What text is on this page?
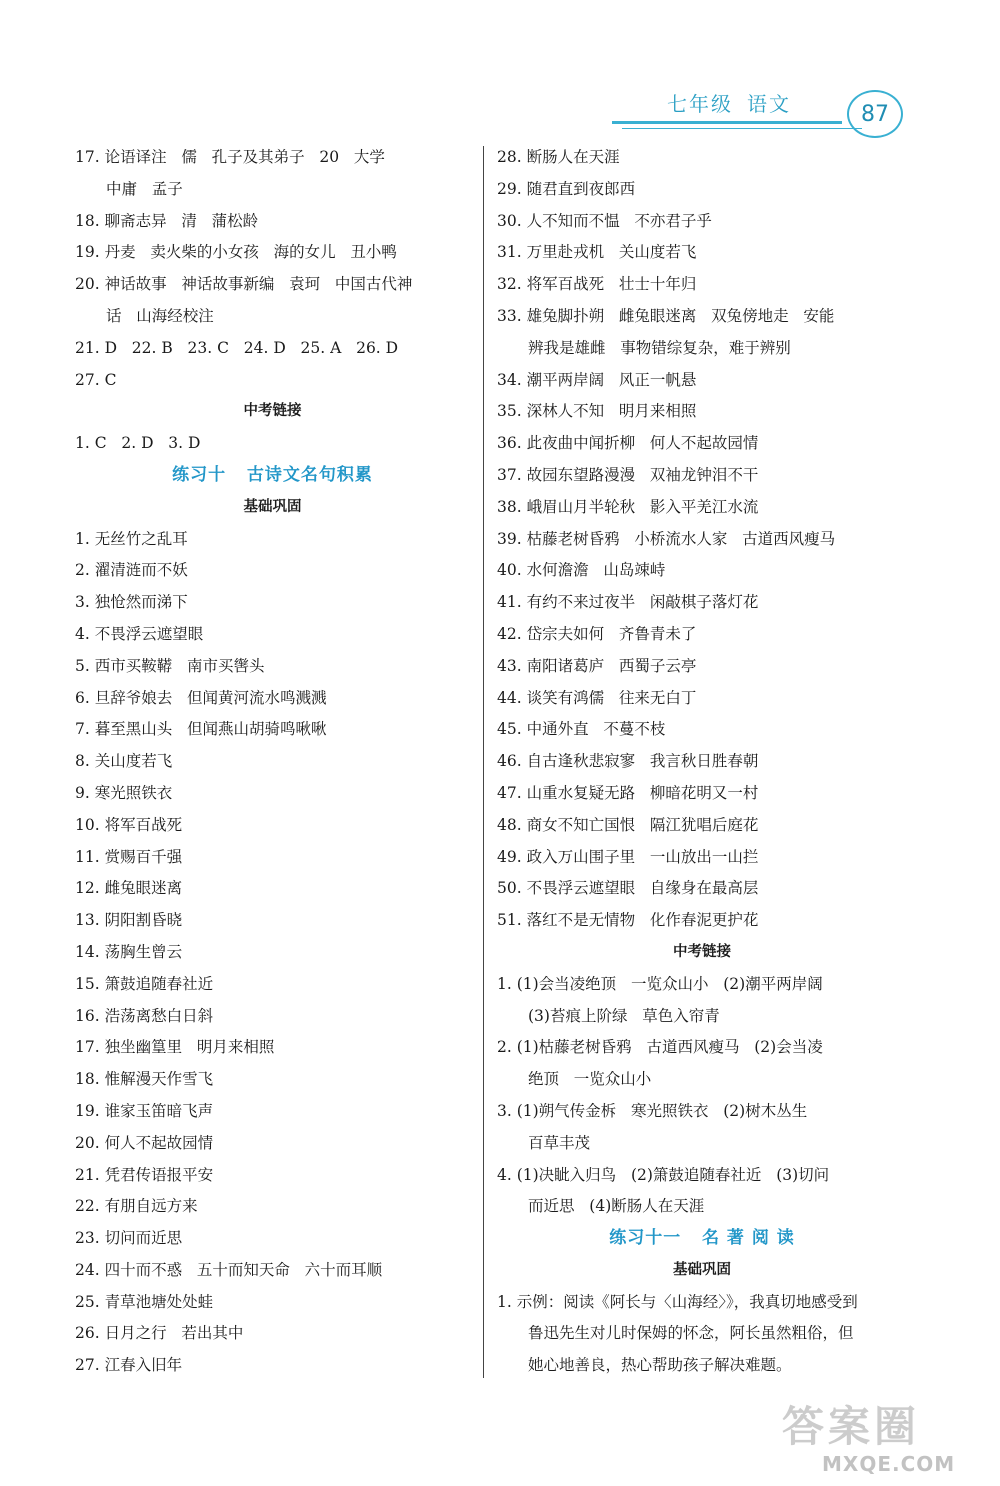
七年级 语文	87
17. 论语译注   儒   孔子及其弟子   20   大学
中庸   孟子
18. 聊斋志异   清   蒲松龄
19. 丹麦   卖火柴的小女孩   海的女儿   丑小鸭
20. 神话故事   神话故事新编   袁珂   中国古代神
话   山海经校注
21. D   22. B   23. C   24. D   25. A   26. D
27. C
中考链接
1. C   2. D   3. D
练习十   古诗文名句积累
基础巩固
1. 无丝竹之乱耳
2. 濯清涟而不妖
3. 独怆然而涕下
4. 不畏浮云遮望眼
5. 西市买鞍鞯   南市买辔头
6. 旦辞爷娘去   但闻黄河流水鸣溅溅
7. 暮至黑山头   但闻燕山胡骑鸣啾啾
8. 关山度若飞
9. 寒光照铁衣
10. 将军百战死
11. 赏赐百千强
12. 雌兔眼迷离
13. 阴阳割昏晓
14. 荡胸生曾云
15. 箫鼓追随春社近
16. 浩荡离愁白日斜
17. 独坐幽篁里   明月来相照
18. 惟解漫天作雪飞
19. 谁家玉笛暗飞声
20. 何人不起故园情
21. 凭君传语报平安
22. 有朋自远方来
23. 切问而近思
24. 四十而不惑   五十而知天命   六十而耳顺
25. 青草池塘处处蛙
26. 日月之行   若出其中
27. 江春入旧年
28. 断肠人在天涯
29. 随君直到夜郎西
30. 人不知而不愠   不亦君子乎
31. 万里赴戎机   关山度若飞
32. 将军百战死   壮士十年归
33. 雄兔脚扑朔   雌兔眼迷离   双兔傍地走   安能
辨我是雄雌   事物错综复杂，难于辨别
34. 潮平两岸阔   风正一帆悬
35. 深林人不知   明月来相照
36. 此夜曲中闻折柳   何人不起故园情
37. 故园东望路漫漫   双袖龙钟泪不干
38. 峨眉山月半轮秋   影入平羌江水流
39. 枯藤老树昏鸦   小桥流水人家   古道西风瘦马
40. 水何澹澹   山岛竦峙
41. 有约不来过夜半   闲敲棋子落灯花
42. 岱宗夫如何   齐鲁青未了
43. 南阳诸葛庐   西蜀子云亭
44. 谈笑有鸿儒   往来无白丁
45. 中通外直   不蔓不枝
46. 自古逢秋悲寂寥   我言秋日胜春朝
47. 山重水复疑无路   柳暗花明又一村
48. 商女不知亡国恨   隔江犹唱后庭花
49. 政入万山围子里   一山放出一山拦
50. 不畏浮云遮望眼   自缘身在最高层
51. 落红不是无情物   化作春泥更护花
中考链接
1. (1)会当凌绝顶   一览众山小   (2)潮平两岸阔
(3)苔痕上阶绿   草色入帘青
2. (1)枯藤老树昏鸦   古道西风瘦马   (2)会当凌
绝顶   一览众山小
3. (1)朔气传金柝   寒光照铁衣   (2)树木丛生
百草丰茂
4. (1)决眦入归鸟   (2)箫鼓追随春社近   (3)切问
而近思   (4)断肠人在天涯
练习十一   名 著 阅 读
基础巩固
1. 示例：阅读《阿长与〈山海经〉》，我真切地感受到
鲁迅先生对儿时保姆的怀念，阿长虽然粗俗，但
她心地善良，热心帮助孩子解决难题。
答案圈
MXQE.COM
